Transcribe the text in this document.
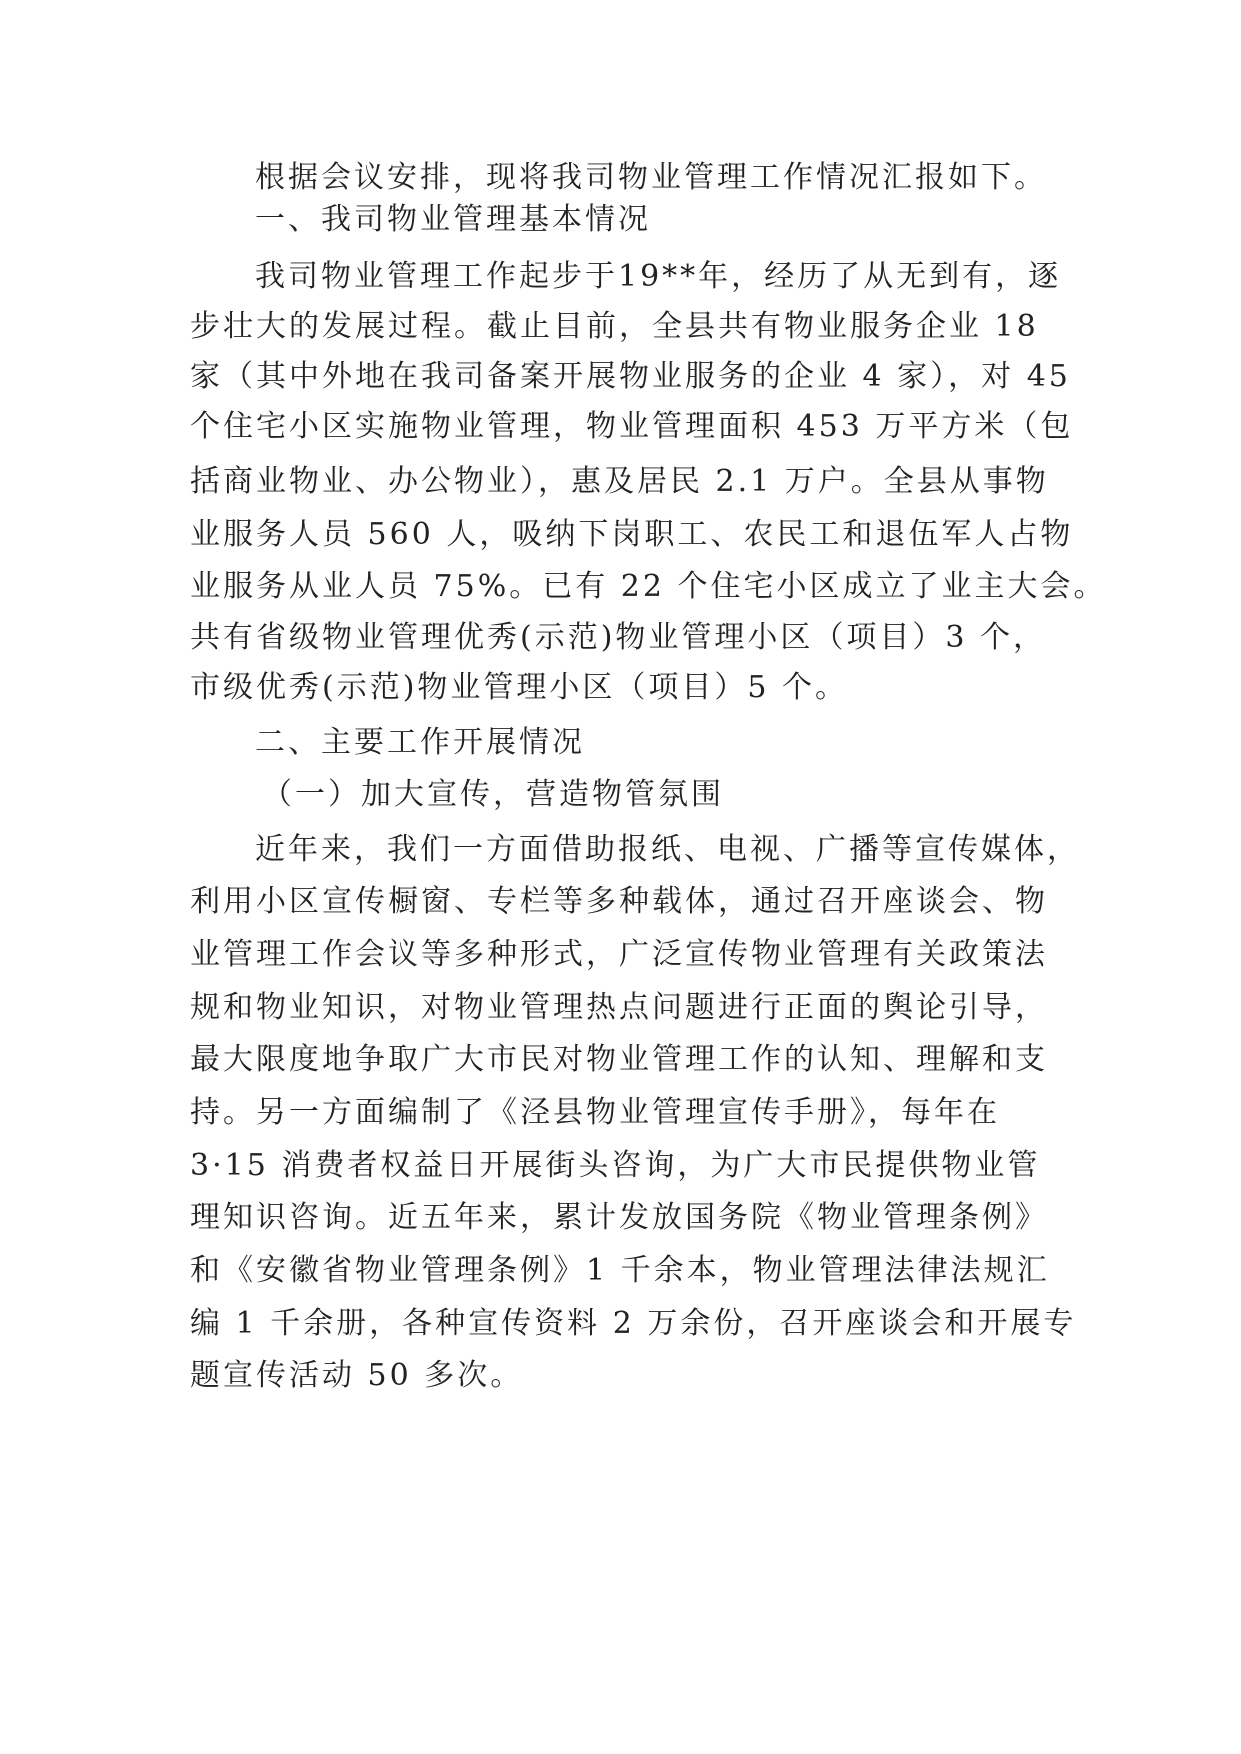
根据会议安排，现将我司物业管理工作情况汇报如下。
一、我司物业管理基本情况
我司物业管理工作起步于19**年，经历了从无到有，逐
步壮大的发展过程。截止目前，全县共有物业服务企业 18
家（其中外地在我司备案开展物业服务的企业 4 家），对 45
个住宅小区实施物业管理，物业管理面积 453 万平方米（包
括商业物业、办公物业），惠及居民 2.1 万户。全县从事物
业服务人员 560 人，吸纳下岗职工、农民工和退伍军人占物
业服务从业人员 75%。已有 22 个住宅小区成立了业主大会。
共有省级物业管理优秀(示范)物业管理小区（项目）3 个，
市级优秀(示范)物业管理小区（项目）5 个。
二、主要工作开展情况
（一）加大宣传，营造物管氛围
近年来，我们一方面借助报纸、电视、广播等宣传媒体，
利用小区宣传橱窗、专栏等多种载体，通过召开座谈会、物
业管理工作会议等多种形式，广泛宣传物业管理有关政策法
规和物业知识，对物业管理热点问题进行正面的舆论引导，
最大限度地争取广大市民对物业管理工作的认知、理解和支
持。另一方面编制了《泾县物业管理宣传手册》，每年在
3·15 消费者权益日开展街头咨询，为广大市民提供物业管
理知识咨询。近五年来，累计发放国务院《物业管理条例》
和《安徽省物业管理条例》1 千余本，物业管理法律法规汇
编 1 千余册，各种宣传资料 2 万余份，召开座谈会和开展专
题宣传活动 50 多次。
